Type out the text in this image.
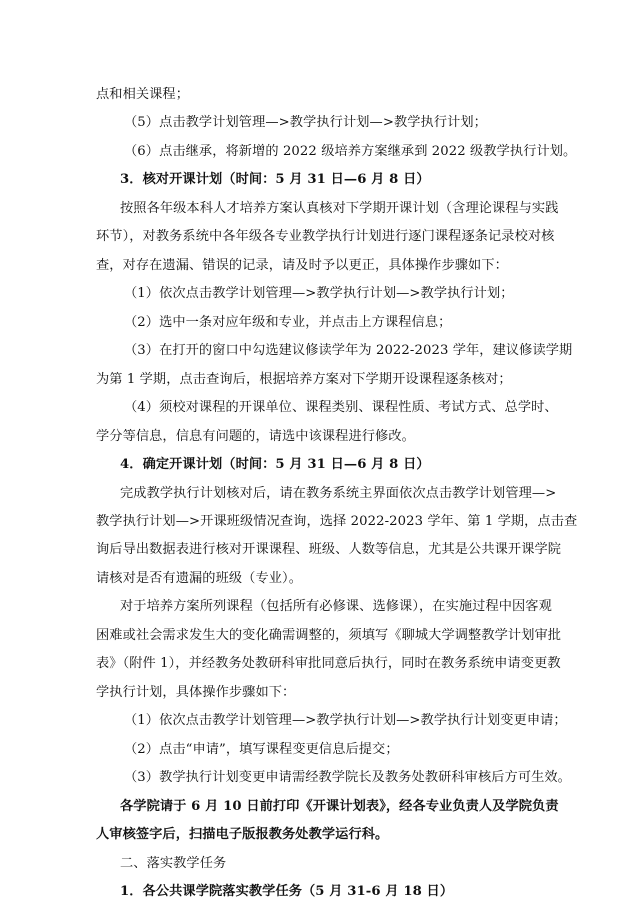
点和相关课程；
（5）点击教学计划管理—>教学执行计划—>教学执行计划；
（6）点击继承，将新增的 2022 级培养方案继承到 2022 级教学执行计划。
3．核对开课计划（时间：5 月 31 日—6 月 8 日）
按照各年级本科人才培养方案认真核对下学期开课计划（含理论课程与实践
环节），对教务系统中各年级各专业教学执行计划进行逐门课程逐条记录校对核
查，对存在遗漏、错误的记录，请及时予以更正，具体操作步骤如下：
（1）依次点击教学计划管理—>教学执行计划—>教学执行计划；
（2）选中一条对应年级和专业，并点击上方课程信息；
（3）在打开的窗口中勾选建议修读学年为 2022-2023 学年，建议修读学期
为第 1 学期，点击查询后，根据培养方案对下学期开设课程逐条核对；
（4）须校对课程的开课单位、课程类别、课程性质、考试方式、总学时、
学分等信息，信息有问题的，请选中该课程进行修改。
4．确定开课计划（时间：5 月 31 日—6 月 8 日）
完成教学执行计划核对后，请在教务系统主界面依次点击教学计划管理—>
教学执行计划—>开课班级情况查询，选择 2022-2023 学年、第 1 学期，点击查
询后导出数据表进行核对开课课程、班级、人数等信息，尤其是公共课开课学院
请核对是否有遗漏的班级（专业）。
对于培养方案所列课程（包括所有必修课、选修课），在实施过程中因客观
困难或社会需求发生大的变化确需调整的，须填写《聊城大学调整教学计划审批
表》（附件 1），并经教务处教研科审批同意后执行，同时在教务系统申请变更教
学执行计划，具体操作步骤如下：
（1）依次点击教学计划管理—>教学执行计划—>教学执行计划变更申请；
（2）点击“申请”，填写课程变更信息后提交；
（3）教学执行计划变更申请需经教学院长及教务处教研科审核后方可生效。
各学院请于 6 月 10 日前打印《开课计划表》，经各专业负责人及学院负责
人审核签字后，扫描电子版报教务处教学运行科。
二、落实教学任务
1．各公共课学院落实教学任务（5 月 31-6 月 18 日）
